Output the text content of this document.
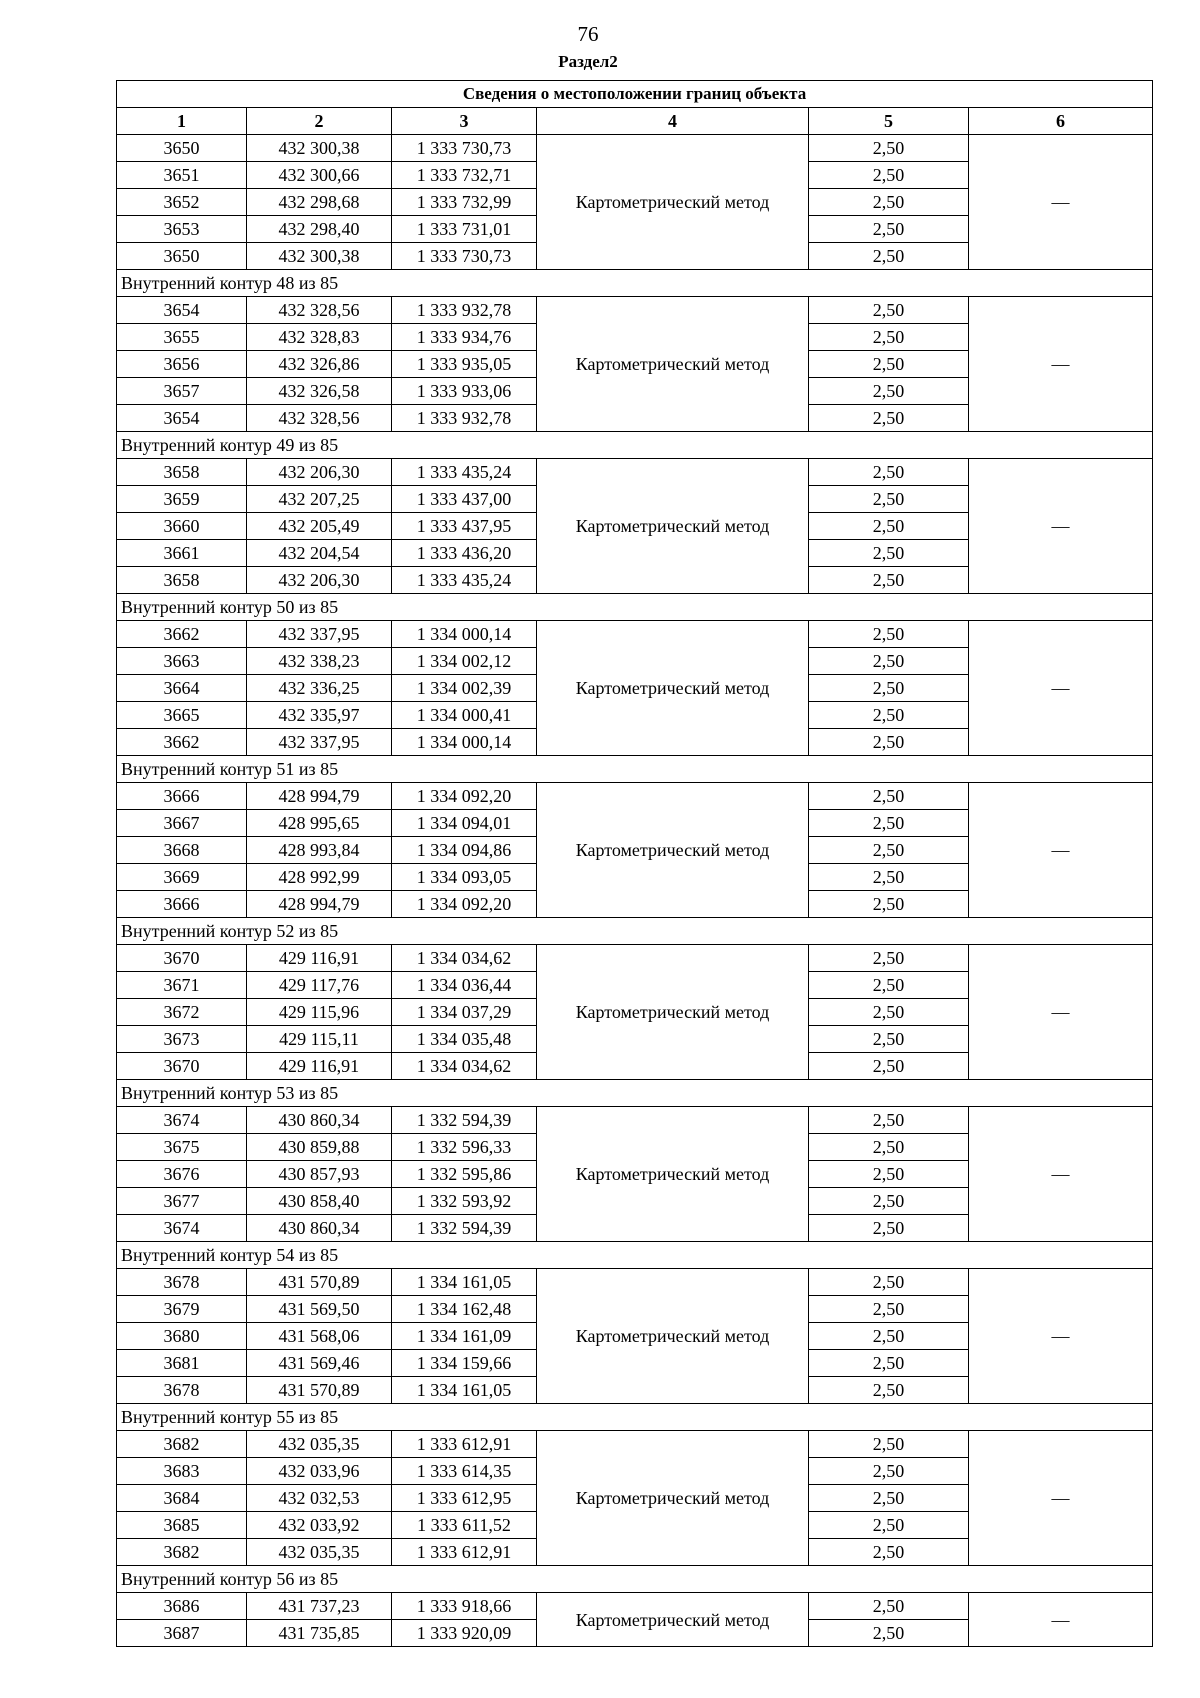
76
Раздел2
Сведения о местоположении границ объекта					
1	2	3	4	5	6
3650	432 300,38	1 333 730,73	Картометрический метод	2,50	—
3651	432 300,66	1 333 732,71		2,50	
3652	432 298,68	1 333 732,99		2,50	
3653	432 298,40	1 333 731,01		2,50	
3650	432 300,38	1 333 730,73		2,50	
Внутренний контур 48 из 85					
3654	432 328,56	1 333 932,78	Картометрический метод	2,50	—
3655	432 328,83	1 333 934,76		2,50	
3656	432 326,86	1 333 935,05		2,50	
3657	432 326,58	1 333 933,06		2,50	
3654	432 328,56	1 333 932,78		2,50	
Внутренний контур 49 из 85					
3658	432 206,30	1 333 435,24	Картометрический метод	2,50	—
3659	432 207,25	1 333 437,00		2,50	
3660	432 205,49	1 333 437,95		2,50	
3661	432 204,54	1 333 436,20		2,50	
3658	432 206,30	1 333 435,24		2,50	
Внутренний контур 50 из 85					
3662	432 337,95	1 334 000,14	Картометрический метод	2,50	—
3663	432 338,23	1 334 002,12		2,50	
3664	432 336,25	1 334 002,39		2,50	
3665	432 335,97	1 334 000,41		2,50	
3662	432 337,95	1 334 000,14		2,50	
Внутренний контур 51 из 85					
3666	428 994,79	1 334 092,20	Картометрический метод	2,50	—
3667	428 995,65	1 334 094,01		2,50	
3668	428 993,84	1 334 094,86		2,50	
3669	428 992,99	1 334 093,05		2,50	
3666	428 994,79	1 334 092,20		2,50	
Внутренний контур 52 из 85					
3670	429 116,91	1 334 034,62	Картометрический метод	2,50	—
3671	429 117,76	1 334 036,44		2,50	
3672	429 115,96	1 334 037,29		2,50	
3673	429 115,11	1 334 035,48		2,50	
3670	429 116,91	1 334 034,62		2,50	
Внутренний контур 53 из 85					
3674	430 860,34	1 332 594,39	Картометрический метод	2,50	—
3675	430 859,88	1 332 596,33		2,50	
3676	430 857,93	1 332 595,86		2,50	
3677	430 858,40	1 332 593,92		2,50	
3674	430 860,34	1 332 594,39		2,50	
Внутренний контур 54 из 85					
3678	431 570,89	1 334 161,05	Картометрический метод	2,50	—
3679	431 569,50	1 334 162,48		2,50	
3680	431 568,06	1 334 161,09		2,50	
3681	431 569,46	1 334 159,66		2,50	
3678	431 570,89	1 334 161,05		2,50	
Внутренний контур 55 из 85					
3682	432 035,35	1 333 612,91	Картометрический метод	2,50	—
3683	432 033,96	1 333 614,35		2,50	
3684	432 032,53	1 333 612,95		2,50	
3685	432 033,92	1 333 611,52		2,50	
3682	432 035,35	1 333 612,91		2,50	
Внутренний контур 56 из 85					
3686	431 737,23	1 333 918,66	Картометрический метод	2,50	—
3687	431 735,85	1 333 920,09		2,50	
